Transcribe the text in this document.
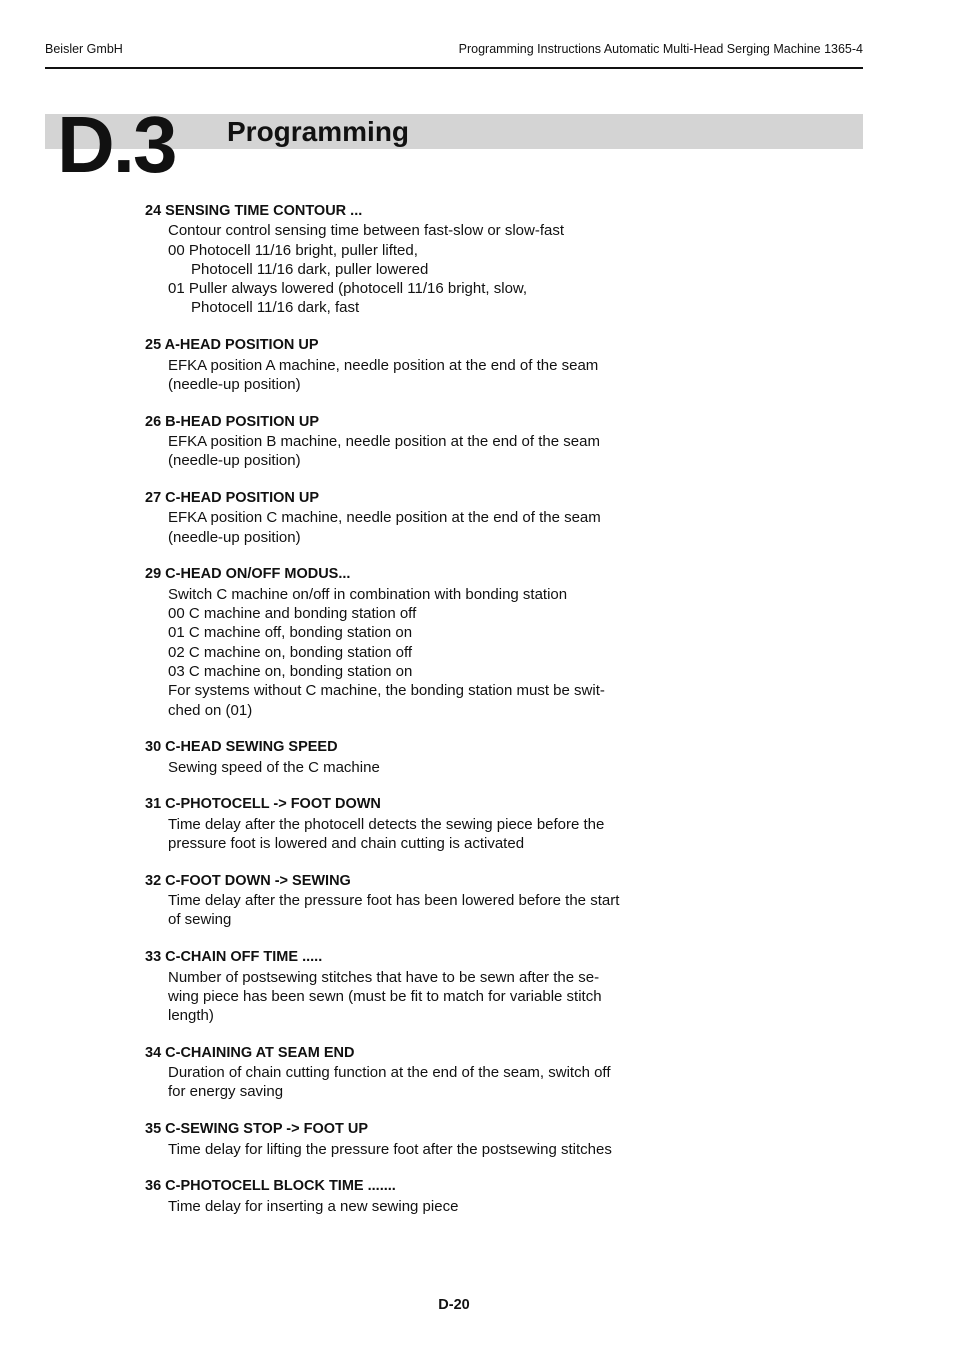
Beisler GmbH	Programming Instructions Automatic Multi-Head Serging Machine 1365-4
D.3 Programming
24 SENSING TIME CONTOUR ...
Contour control sensing time between fast-slow or slow-fast
00 Photocell 11/16 bright, puller lifted,
Photocell 11/16 dark, puller lowered
01 Puller always lowered (photocell 11/16 bright, slow,
Photocell 11/16 dark, fast
25 A-HEAD POSITION UP
EFKA position A machine, needle position at the end of the seam
(needle-up position)
26 B-HEAD POSITION UP
EFKA position B machine, needle position at the end of the seam
(needle-up position)
27 C-HEAD POSITION UP
EFKA position C machine, needle position at the end of the seam
(needle-up position)
29 C-HEAD ON/OFF MODUS...
Switch C machine on/off in combination with bonding station
00 C machine and bonding station off
01 C machine off, bonding station on
02 C machine on, bonding station off
03 C machine on, bonding station on
For systems without C machine, the bonding station must be swit-
ched on (01)
30 C-HEAD SEWING SPEED
Sewing speed of the C machine
31 C-PHOTOCELL -> FOOT DOWN
Time delay after the photocell detects the sewing piece before the
pressure foot is lowered and chain cutting is activated
32 C-FOOT DOWN -> SEWING
Time delay after the pressure foot has been lowered before the start
of sewing
33 C-CHAIN OFF TIME .....
Number of postsewing stitches that have to be sewn after the se-
wing piece has been sewn (must be fit to match for variable stitch
length)
34 C-CHAINING AT SEAM END
Duration of chain cutting function at the end of the seam, switch off
for energy saving
35 C-SEWING STOP -> FOOT UP
Time delay for lifting the pressure foot after the postsewing stitches
36 C-PHOTOCELL BLOCK TIME .......
Time delay for inserting a new sewing piece
D-20
